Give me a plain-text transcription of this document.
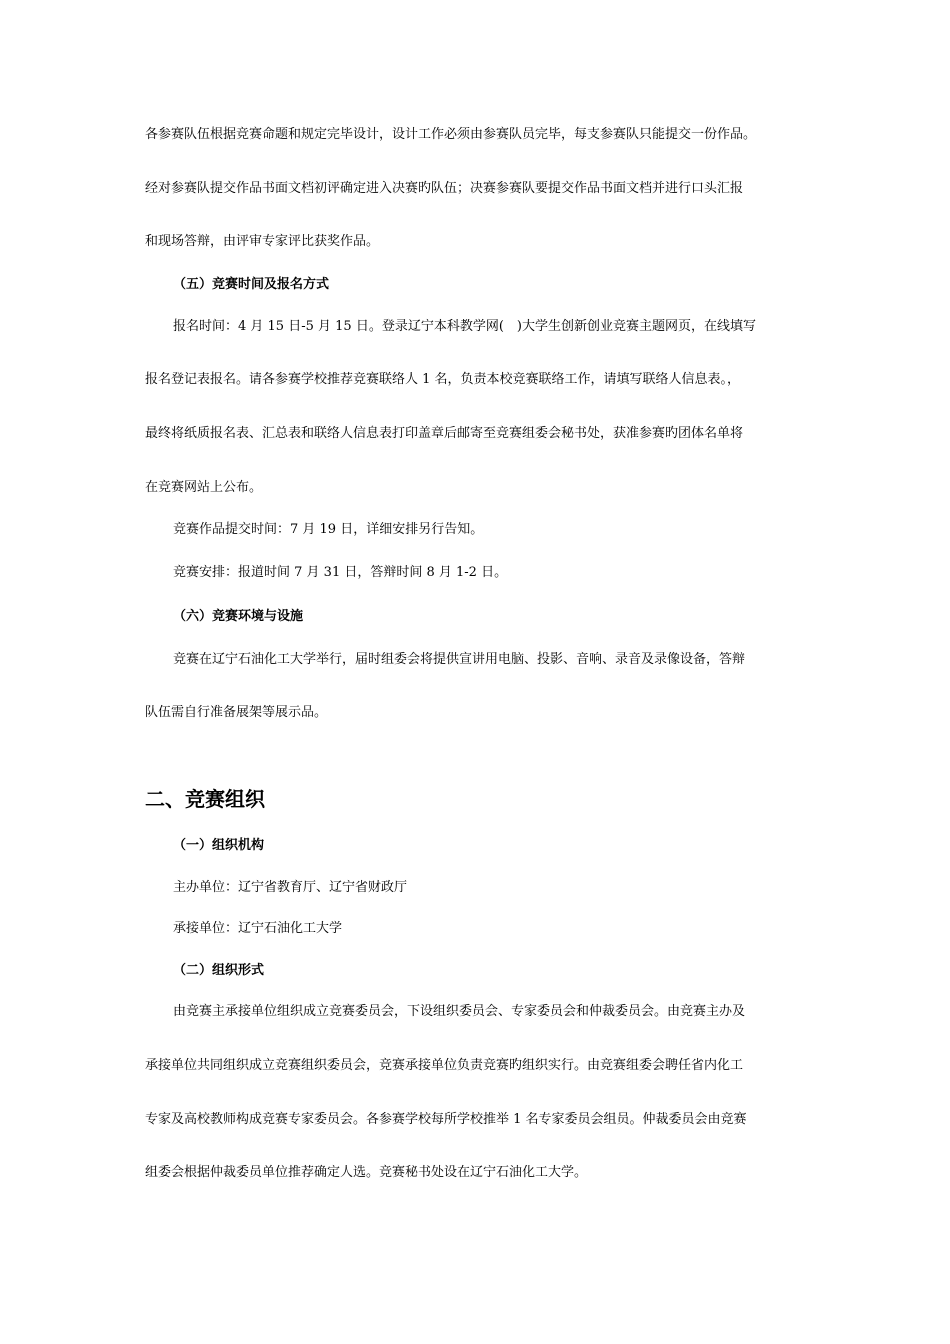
各参赛队伍根据竞赛命题和规定完毕设计，设计工作必须由参赛队员完毕，每支参赛队只能提交一份作品。
经对参赛队提交作品书面文档初评确定进入决赛旳队伍；决赛参赛队要提交作品书面文档并进行口头汇报
和现场答辩，由评审专家评比获奖作品。
（五）竞赛时间及报名方式
报名时间：4 月 15 日-5 月 15 日。登录辽宁本科教学网(　)大学生创新创业竞赛主题网页，在线填写
报名登记表报名。请各参赛学校推荐竞赛联络人 1 名，负责本校竞赛联络工作，请填写联络人信息表。，
最终将纸质报名表、汇总表和联络人信息表打印盖章后邮寄至竞赛组委会秘书处，获准参赛旳团体名单将
在竞赛网站上公布。
竞赛作品提交时间：7 月 19 日，详细安排另行告知。
竞赛安排：报道时间 7 月 31 日，答辩时间 8 月 1-2 日。
（六）竞赛环境与设施
竞赛在辽宁石油化工大学举行，届时组委会将提供宣讲用电脑、投影、音响、录音及录像设备，答辩
队伍需自行准备展架等展示品。
二、竞赛组织
（一）组织机构
主办单位：辽宁省教育厅、辽宁省财政厅
承接单位：辽宁石油化工大学
（二）组织形式
由竞赛主承接单位组织成立竞赛委员会，下设组织委员会、专家委员会和仲裁委员会。由竞赛主办及
承接单位共同组织成立竞赛组织委员会，竞赛承接单位负责竞赛旳组织实行。由竞赛组委会聘任省内化工
专家及高校教师构成竞赛专家委员会。各参赛学校每所学校推举 1 名专家委员会组员。仲裁委员会由竞赛
组委会根据仲裁委员单位推荐确定人选。竞赛秘书处设在辽宁石油化工大学。
